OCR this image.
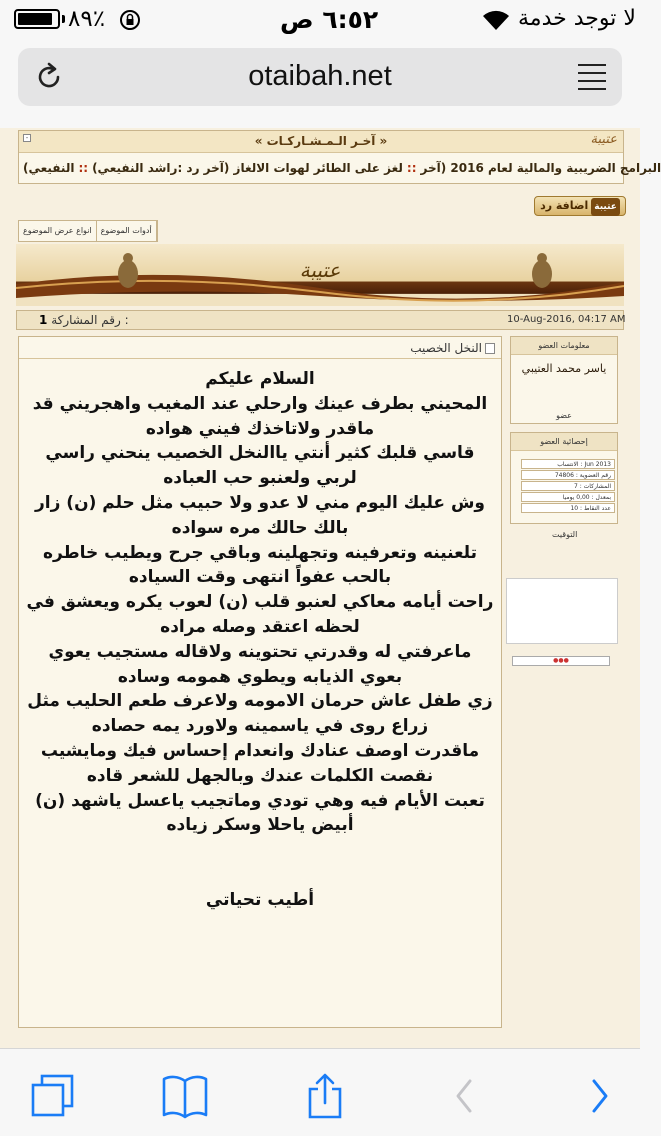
٨٩٪	٦:٥٢ ص	لا توجد خدمة
otaibah.net
-	« آخـر الـمـشـاركـات »	عتيبة
البرامج الضريبية والمالية لعام 2016 (آخر::لغز على الطائر لهوات الالغاز (آخر رد :راشد النفيعي)::النفيعي)
اضافة رد عتيبة
انواع عرض الموضوع	أدوات الموضوع
عتيبة
1 رقم المشاركة :	10-Aug-2016, 04:17 AM
النخل الخصيب
السلام عليكم
المحيني بطرف عينك وارحلي عند المغيب واهجريني قد ماقدر ولاتاخذك فيني هواده
قاسي قلبك كثير أنتي ياالنخل الخصيب ينحني راسي لربي ولعنبو حب العباده
وش عليك اليوم مني لا عدو ولا حبيب مثل حلم (ن) زار بالك حالك مره سواده
تلعنينه وتعرفينه وتجهلينه وباقي جرح ويطيب خاطره بالحب عفواً انتهى وقت السياده
راحت أيامه معاكي لعنبو قلب (ن) لعوب يكره ويعشق في لحظه اعتقد وصله مراده
ماعرفتي له وقدرتي تحتوينه ولاقاله مستجيب يعوي بعوي الذيابه ويطوي همومه وساده
زي طفل عاش حرمان الامومه ولاعرف طعم الحليب مثل زراع روى في ياسمينه ولاورد يمه حصاده
ماقدرت اوصف عنادك وانعدام إحساس فيك ومايشيب نقصت الكلمات عندك وبالجهل للشعر قاده
تعبت الأيام فيه وهي تودي وماتجيب ياعسل ياشهد (ن) أبيض ياحلا وسكر زياده
أطيب تحياتي
معلومات العضو
ياسر محمد العتيبي
عضو
إحصائية العضو
الانتساب : Jun 2013
رقم العضوية : 74806
المشاركات : 7
بمعدل : 0,00 يوميا
عدد النقاط : 10
التوقيت
●●●
